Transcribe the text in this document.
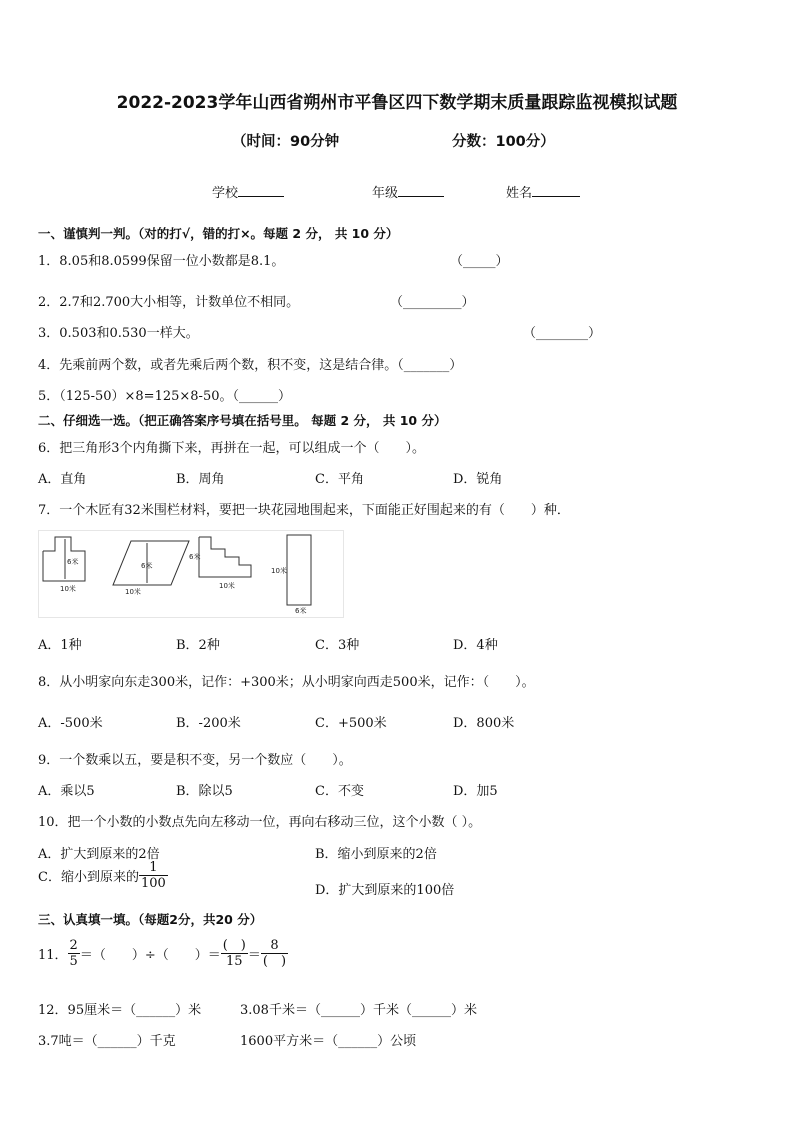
2022-2023学年山西省朔州市平鲁区四下数学期末质量跟踪监视模拟试题
（时间：90分钟	分数：100分）
学校	年级	姓名
一、谨慎判一判。（对的打√，错的打×。每题 2 分， 共 10 分）
1．8.05和8.0599保留一位小数都是8.1。	（_____）
2．2.7和2.700大小相等，计数单位不相同。	（_________）
3．0.503和0.530一样大。	（________）
4．先乘前两个数，或者先乘后两个数，积不变，这是结合律。（_______）
5．（125-50）×8=125×8-50。（______）
二、仔细选一选。（把正确答案序号填在括号里。 每题 2 分， 共 10 分）
6．把三角形3个内角撕下来，再拼在一起，可以组成一个（　　）。
A．直角	B．周角	C．平角	D．锐角
7．一个木匠有32米围栏材料，要把一块花园地围起来，下面能正好围起来的有（　　）种．
6米
10米
6米
10米
6米
10米
10米
6米
A．1种	B．2种	C．3种	D．4种
8．从小明家向东走300米，记作：+300米；从小明家向西走500米，记作：（　　）。
A．-500米	B．-200米	C．+500米	D．800米
9．一个数乘以五，要是积不变，另一个数应（　　）。
A．乘以5	B．除以5	C．不变	D．加5
10．把一个小数的小数点先向左移动一位，再向右移动三位，这个小数（ ）。
A．扩大到原来的2倍	B．缩小到原来的2倍
C．缩小到原来的 $\frac{1}{100}$	D．扩大到原来的100倍
三、认真填一填。（每题2分，共20 分）
11． $\frac{2}{5}$ ＝（　　）÷（　　）＝ $\frac{( )}{15} = \frac{8}{( )}$
12．95厘米＝（______）米	3.08千米＝（______）千米（______）米
3.7吨＝（______）千克	1600平方米＝（______）公顷
